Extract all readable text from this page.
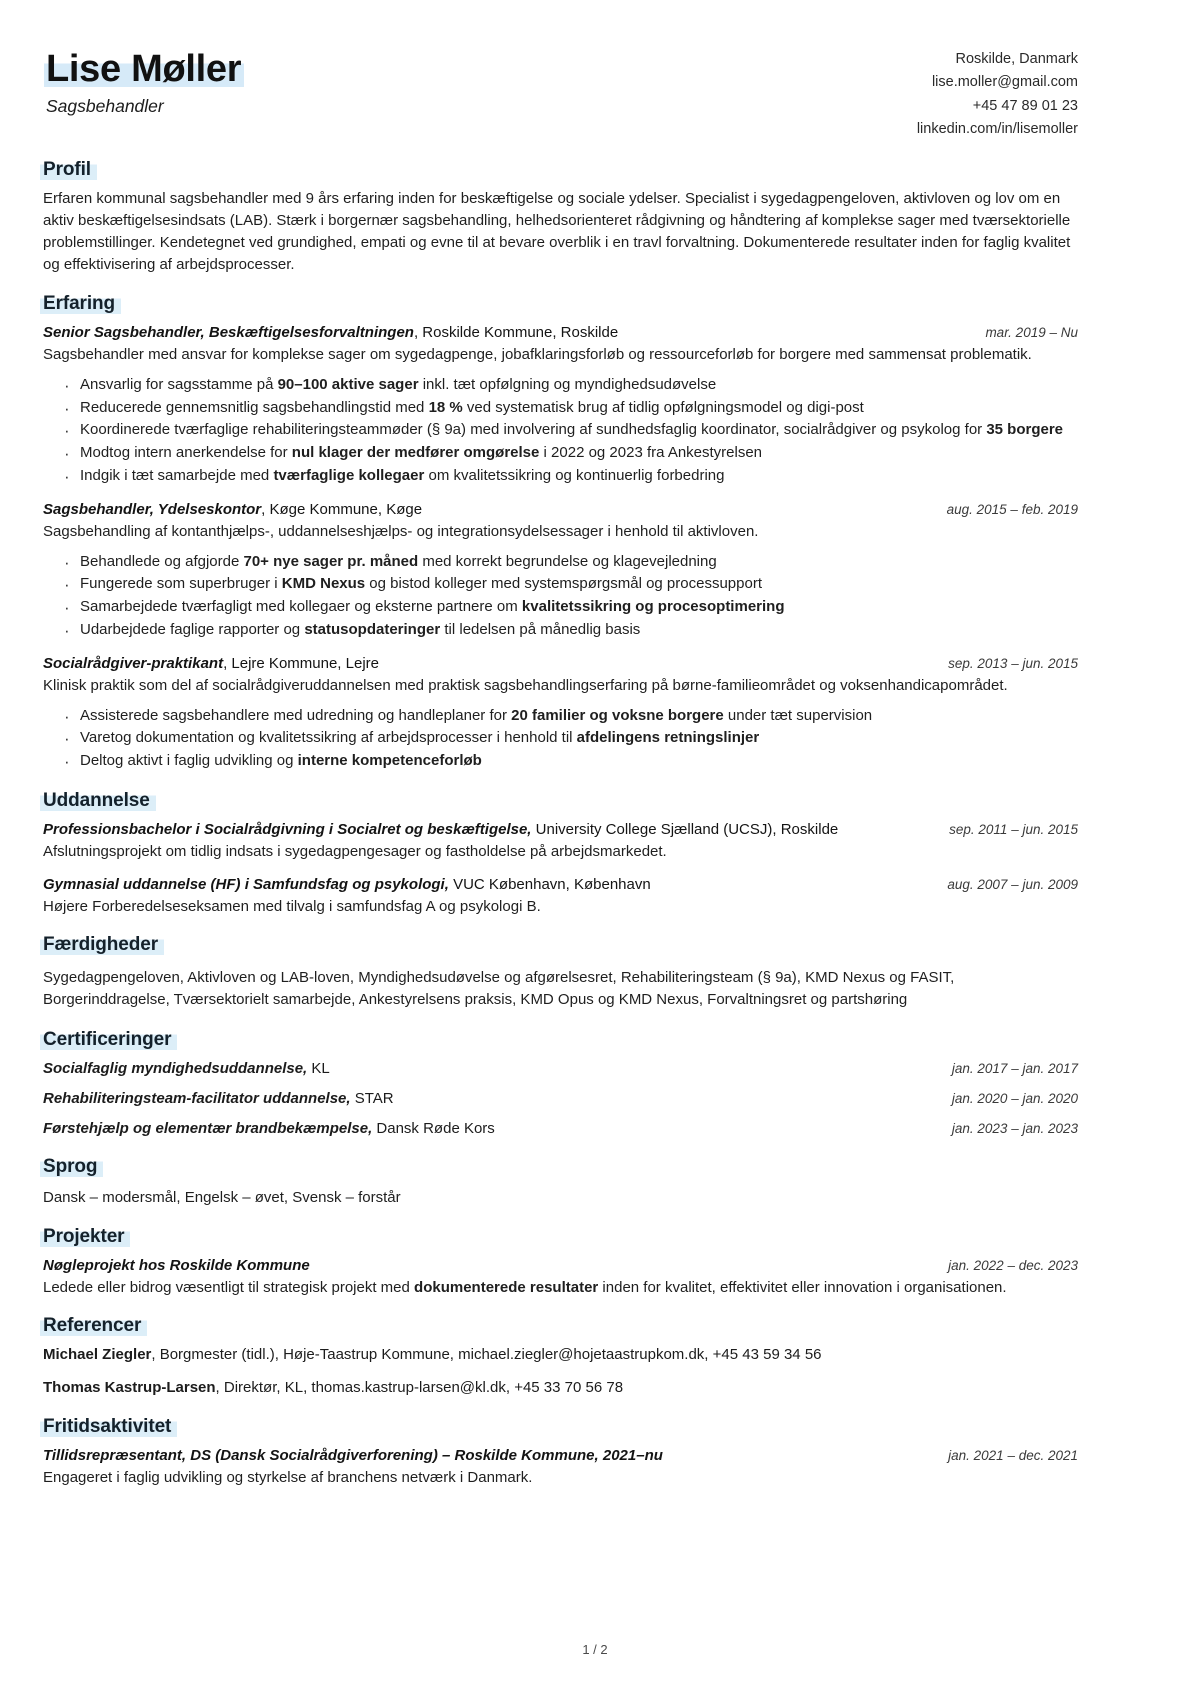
Lise Møller
Sagsbehandler
Roskilde, Danmark
lise.moller@gmail.com
+45 47 89 01 23
linkedin.com/in/lisemoller
Profil

Erfaren kommunal sagsbehandler med 9 års erfaring inden for beskæftigelse og sociale ydelser. Specialist i sygedagpengeloven, aktivloven og lov om en aktiv beskæftigelsesindsats (LAB). Stærk i borgernær sagsbehandling, helhedsorienteret rådgivning og håndtering af komplekse sager med tværsektorielle problemstillinger. Kendetegnet ved grundighed, empati og evne til at bevare overblik i en travl forvaltning. Dokumenterede resultater inden for faglig kvalitet og effektivisering af arbejdsprocesser.

Erfaring
Senior Sagsbehandler, Beskæftigelsesforvaltningen, Roskilde Kommune, Roskilde	mar. 2019 – Nu
Sagsbehandler med ansvar for komplekse sager om sygedagpenge, jobafklaringsforløb og ressourceforløb for borgere med sammensat problematik.
· Ansvarlig for sagsstamme på 90–100 aktive sager inkl. tæt opfølgning og myndighedsudøvelse
· Reducerede gennemsnitlig sagsbehandlingstid med 18 % ved systematisk brug af tidlig opfølgningsmodel og digi-post
· Koordinerede tværfaglige rehabiliteringsteammøder (§ 9a) med involvering af sundhedsfaglig koordinator, socialrådgiver og psykolog for 35 borgere
· Modtog intern anerkendelse for nul klager der medfører omgørelse i 2022 og 2023 fra Ankestyrelsen
· Indgik i tæt samarbejde med tværfaglige kollegaer om kvalitetssikring og kontinuerlig forbedring
Sagsbehandler, Ydelseskontor, Køge Kommune, Køge	aug. 2015 – feb. 2019
Sagsbehandling af kontanthjælps-, uddannelseshjælps- og integrationsydelsessager i henhold til aktivloven.
· Behandlede og afgjorde 70+ nye sager pr. måned med korrekt begrundelse og klagevejledning
· Fungerede som superbruger i KMD Nexus og bistod kolleger med systemspørgsmål og processupport
· Samarbejdede tværfagligt med kollegaer og eksterne partnere om kvalitetssikring og procesoptimering
· Udarbejdede faglige rapporter og statusopdateringer til ledelsen på månedlig basis
Socialrådgiver-praktikant, Lejre Kommune, Lejre	sep. 2013 – jun. 2015
Klinisk praktik som del af socialrådgiveruddannelsen med praktisk sagsbehandlingserfaring på børne-familieområdet og voksenhandicapområdet.
· Assisterede sagsbehandlere med udredning og handleplaner for 20 familier og voksne borgere under tæt supervision
· Varetog dokumentation og kvalitetssikring af arbejdsprocesser i henhold til afdelingens retningslinjer
· Deltog aktivt i faglig udvikling og interne kompetenceforløb
Uddannelse
Professionsbachelor i Socialrådgivning i Socialret og beskæftigelse, University College Sjælland (UCSJ), Roskilde	sep. 2011 – jun. 2015
Afslutningsprojekt om tidlig indsats i sygedagpengesager og fastholdelse på arbejdsmarkedet.
Gymnasial uddannelse (HF) i Samfundsfag og psykologi, VUC København, København	aug. 2007 – jun. 2009
Højere Forberedelseseksamen med tilvalg i samfundsfag A og psykologi B.
Færdigheder

Sygedagpengeloven, Aktivloven og LAB-loven, Myndighedsudøvelse og afgørelsesret, Rehabiliteringsteam (§ 9a), KMD Nexus og FASIT, Borgerinddragelse, Tværsektorielt samarbejde, Ankestyrelsens praksis, KMD Opus og KMD Nexus, Forvaltningsret og partshøring

Certificeringer
Socialfaglig myndighedsuddannelse, KL	jan. 2017 – jan. 2017
Rehabiliteringsteam-facilitator uddannelse, STAR	jan. 2020 – jan. 2020
Førstehjælp og elementær brandbekæmpelse, Dansk Røde Kors	jan. 2023 – jan. 2023
Sprog

Dansk – modersmål, Engelsk – øvet, Svensk – forstår

Projekter
Nøgleprojekt hos Roskilde Kommune	jan. 2022 – dec. 2023
Ledede eller bidrog væsentligt til strategisk projekt med dokumenterede resultater inden for kvalitet, effektivitet eller innovation i organisationen.
Referencer
Michael Ziegler, Borgmester (tidl.), Høje-Taastrup Kommune, michael.ziegler@hojetaastrupkom.dk, +45 43 59 34 56
Thomas Kastrup-Larsen, Direktør, KL, thomas.kastrup-larsen@kl.dk, +45 33 70 56 78
Fritidsaktivitet
Tillidsrepræsentant, DS (Dansk Socialrådgiverforening) – Roskilde Kommune, 2021–nu	jan. 2021 – dec. 2021
Engageret i faglig udvikling og styrkelse af branchens netværk i Danmark.
1 / 2
